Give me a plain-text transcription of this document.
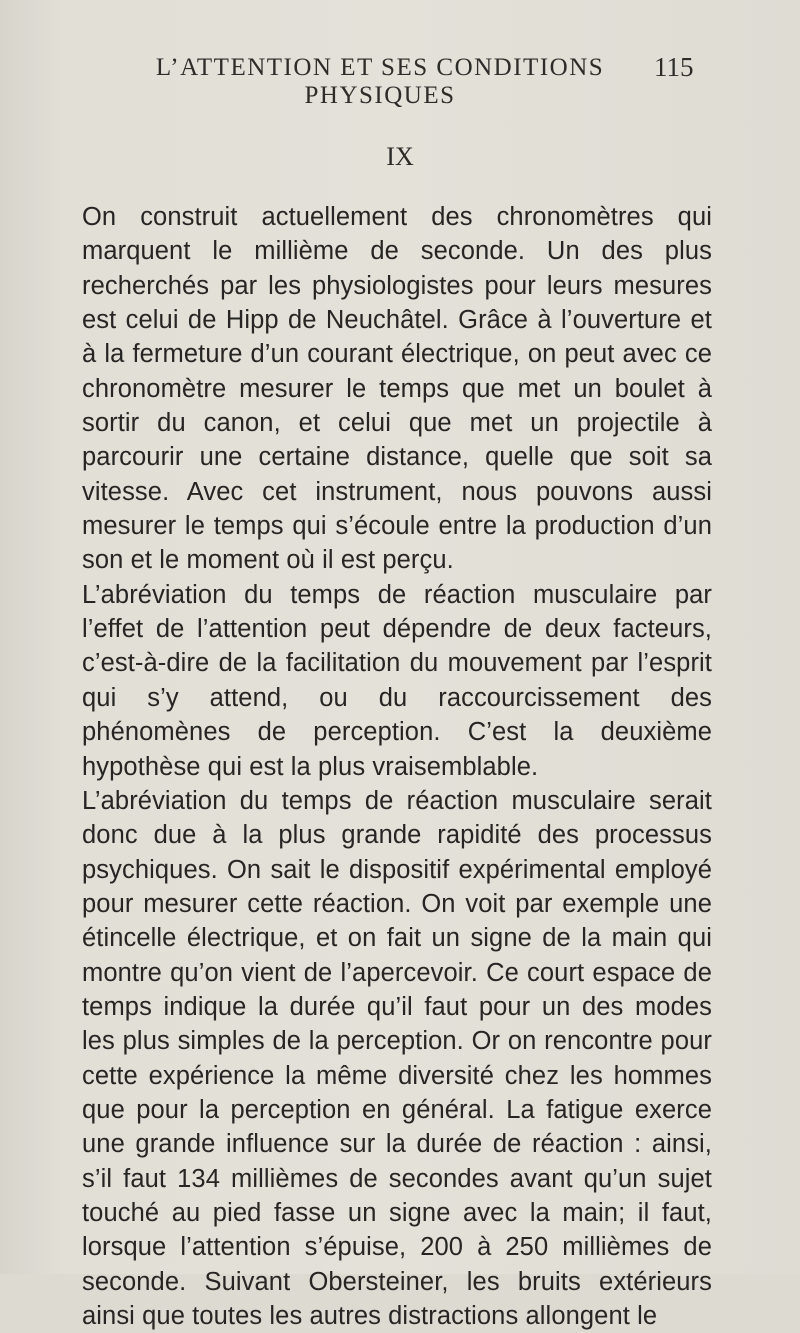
L’ATTENTION ET SES CONDITIONS PHYSIQUES
115
IX

On construit actuellement des chronomètres qui marquent le millième de seconde. Un des plus recherchés par les physiologistes pour leurs mesures est celui de Hipp de Neuchâtel. Grâce à l’ouverture et à la fermeture d’un courant électrique, on peut avec ce chronomètre mesurer le temps que met un boulet à sortir du canon, et celui que met un projectile à parcourir une certaine distance, quelle que soit sa vitesse. Avec cet instrument, nous pouvons aussi mesurer le temps qui s’écoule entre la production d’un son et le moment où il est perçu.

L’abréviation du temps de réaction musculaire par l’effet de l’attention peut dépendre de deux facteurs, c’est-à-dire de la facilitation du mouvement par l’esprit qui s’y attend, ou du raccourcissement des phénomènes de perception. C’est la deuxième hypothèse qui est la plus vraisemblable.

L’abréviation du temps de réaction musculaire serait donc due à la plus grande rapidité des processus psychiques. On sait le dispositif expérimental employé pour mesurer cette réaction. On voit par exemple une étincelle électrique, et on fait un signe de la main qui montre qu’on vient de l’apercevoir. Ce court espace de temps indique la durée qu’il faut pour un des modes les plus simples de la perception. Or on rencontre pour cette expérience la même diversité chez les hommes que pour la perception en général. La fatigue exerce une grande influence sur la durée de réaction : ainsi, s’il faut 134 millièmes de secondes avant qu’un sujet touché au pied fasse un signe avec la main; il faut, lorsque l’attention s’épuise, 200 à 250 millièmes de seconde. Suivant Obersteiner, les bruits extérieurs ainsi que toutes les autres distractions allongent le
